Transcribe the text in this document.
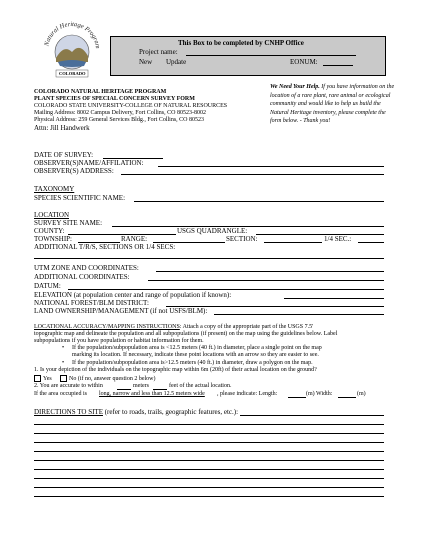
Natural Heritage Program
COLORADO
This Box to be completed by CNHP Office
Project name:
New Update	EONUM:
COLORADO NATURAL HERITAGE PROGRAM
PLANT SPECIES OF SPECIAL CONCERN SURVEY FORM
COLORADO STATE UNIVERSITY-COLLEGE OF NATURAL RESOURCES
Mailing Address: 8002 Campus Delivery, Fort Collins, CO 80523-8002
Physical Address: 259 General Services Bldg., Fort Collins, CO 80523
Attn: Jill Handwerk
We Need Your Help. If you have information on the location of a rare plant, rare animal or ecological community and would like to help us build the Natural Heritage inventory, please complete the form below. - Thank you!
DATE OF SURVEY:
OBSERVER(S)NAME/AFFILATION:
OBSERVER(S) ADDRESS:
TAXONOMY
SPECIES SCIENTIFIC NAME:
LOCATION
SURVEY SITE NAME:
COUNTY:	USGS QUADRANGLE:
TOWNSHIP:	RANGE:	SECTION:	1/4 SEC.:
ADDITIONAL T/R/S, SECTIONS OR 1/4 SECS:
UTM ZONE AND COORDINATES:
ADDITIONAL COORDINATES:
DATUM:
ELEVATION (at population center and range of population if known):
NATIONAL FOREST/BLM DISTRICT:
LAND OWNERSHIP/MANAGEMENT (if not USFS/BLM):
LOCATIONAL ACCURACY/MAPPING INSTRUCTIONS: Attach a copy of the appropriate part of the USGS 7.5'
topographic map and delineate the population and all subpopulations (if present) on the map using the guidelines below. Label
subpopulations if you have population or habitat information for them.
• If the population/subpopulation area is <12.5 meters (40 ft.) in diameter, place a single point on the map
marking its location. If necessary, indicate these point locations with an arrow so they are easier to see.
• If the population/subpopulation area is>12.5 meters (40 ft.) in diameter, draw a polygon on the map.
1. Is your depiction of the individuals on the topographic map within 6m (20ft) of their actual location on the ground?
Yes	No (if no, answer question 2 below)
2. You are accurate to within	meters	feet of the actual location.
If the area occupied is long, narrow and less than 12.5 meters wide , please indicate: Length:	(m) Width:	(m)
DIRECTIONS TO SITE (refer to roads, trails, geographic features, etc.):
